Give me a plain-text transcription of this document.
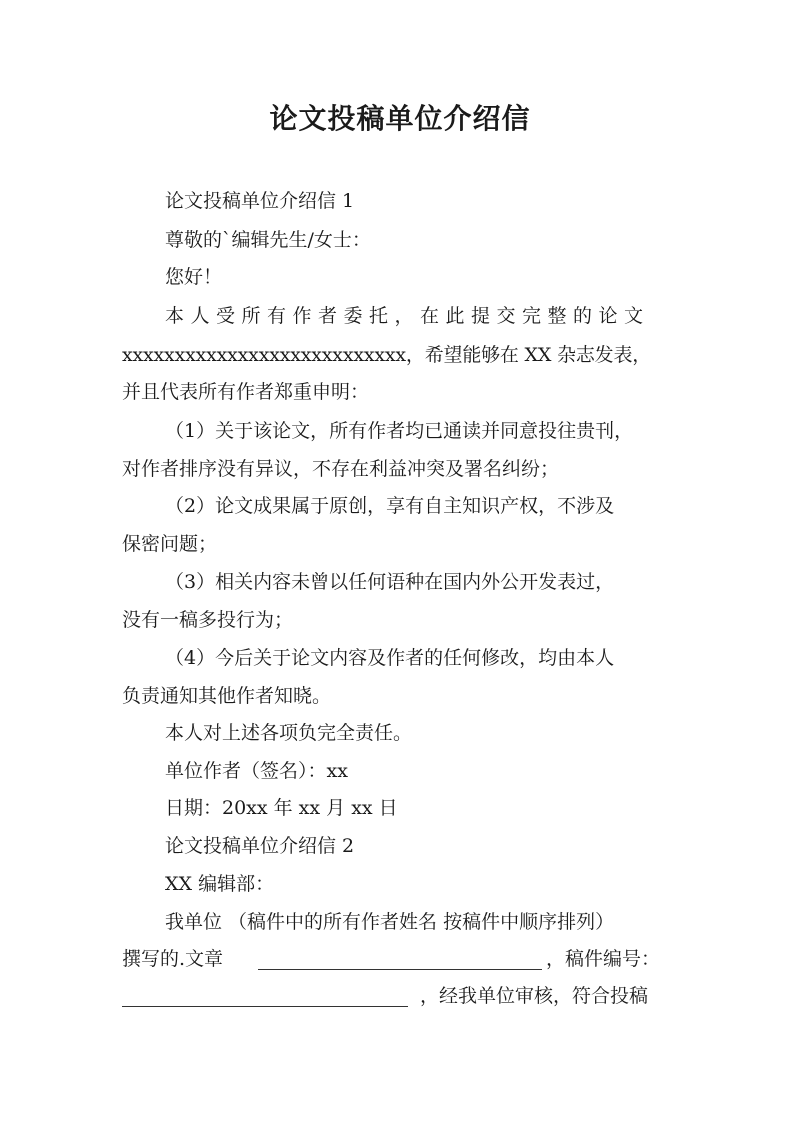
论文投稿单位介绍信
论文投稿单位介绍信 1
尊敬的`编辑先生/女士：
您好！
本人受所有作者委托，在此提交完整的论文
xxxxxxxxxxxxxxxxxxxxxxxxxxx，希望能够在 XX 杂志发表，
并且代表所有作者郑重申明：
（1）关于该论文，所有作者均已通读并同意投往贵刊，
对作者排序没有异议，不存在利益冲突及署名纠纷；
（2）论文成果属于原创，享有自主知识产权，不涉及
保密问题；
（3）相关内容未曾以任何语种在国内外公开发表过，
没有一稿多投行为；
（4）今后关于论文内容及作者的任何修改，均由本人
负责通知其他作者知晓。
本人对上述各项负完全责任。
单位作者（签名）：xx
日期：20xx 年 xx 月 xx 日
论文投稿单位介绍信 2
XX 编辑部：
我单位 （稿件中的所有作者姓名 按稿件中顺序排列）
撰写的.文章	，稿件编号：
，经我单位审核，符合投稿
